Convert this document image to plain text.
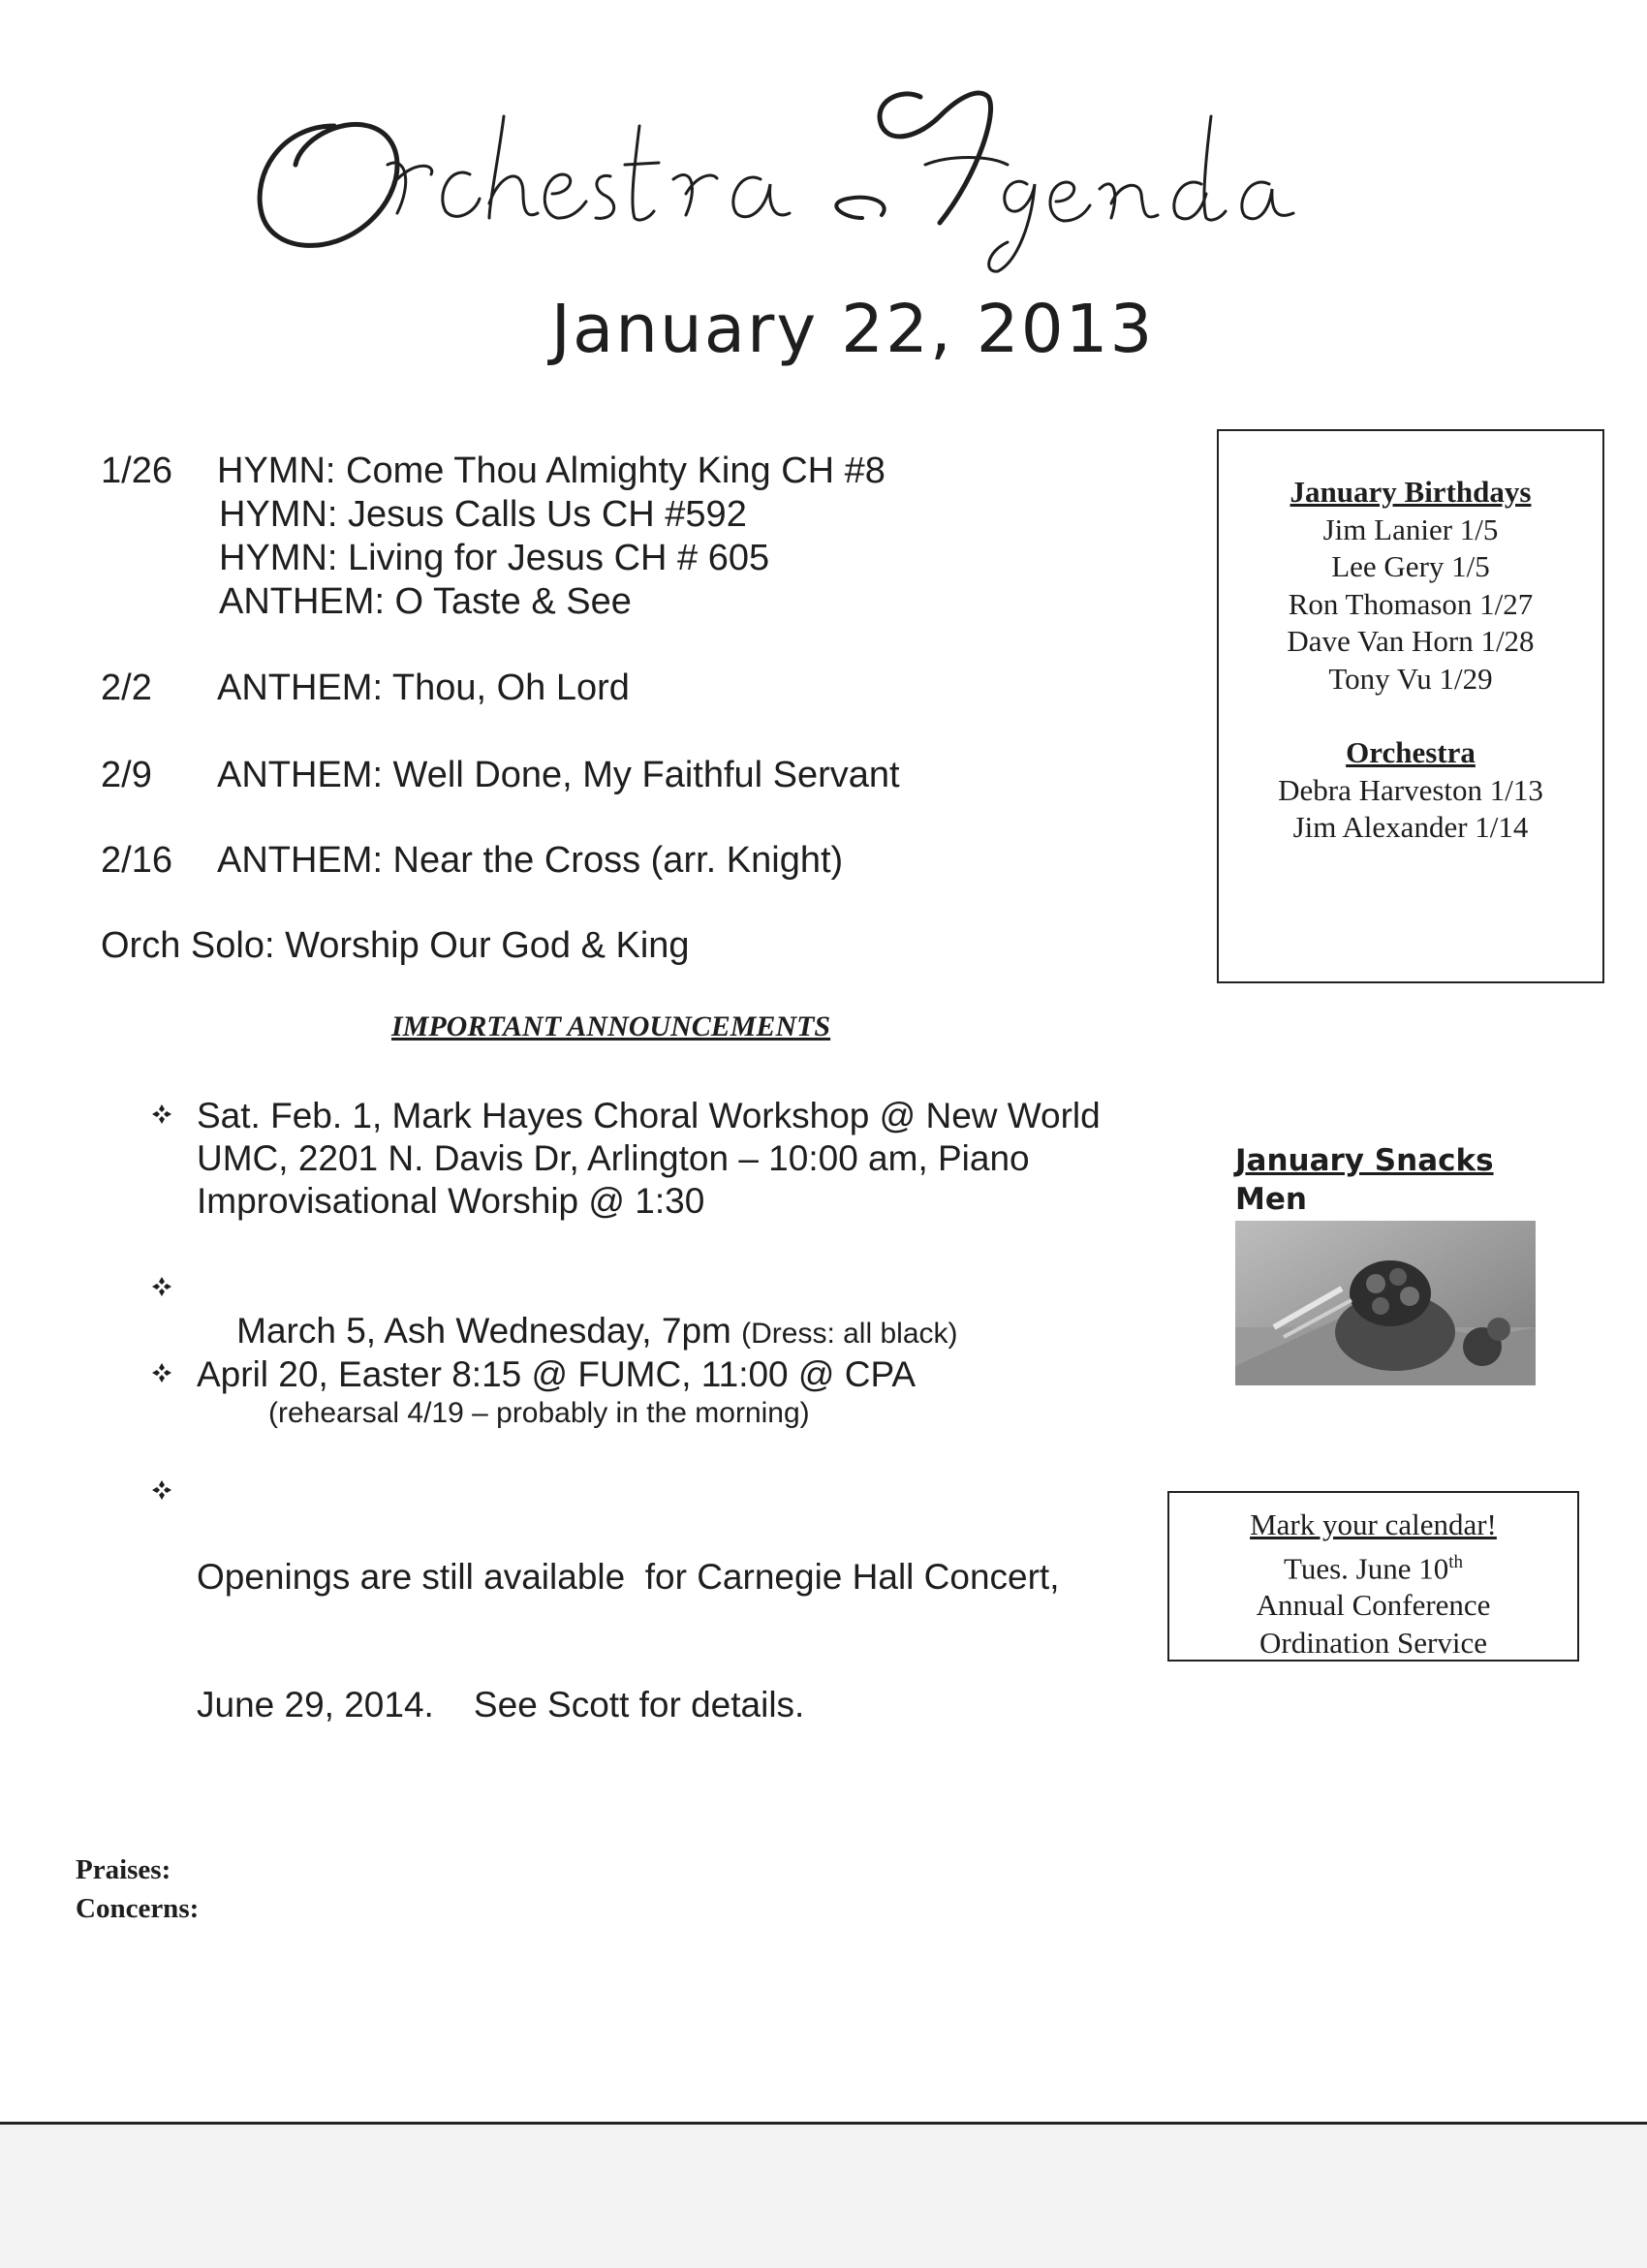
January 22, 2013
1/26 HYMN: Come Thou Almighty King CH #8
HYMN: Jesus Calls Us CH #592
HYMN: Living for Jesus CH # 605
ANTHEM: O Taste & See
2/2 ANTHEM: Thou, Oh Lord
2/9 ANTHEM: Well Done, My Faithful Servant
2/16 ANTHEM: Near the Cross (arr. Knight)
Orch Solo: Worship Our God & King
IMPORTANT ANNOUNCEMENTS
Sat. Feb. 1, Mark Hayes Choral Workshop @ New World
UMC, 2201 N. Davis Dr, Arlington – 10:00 am, Piano
Improvisational Worship @ 1:30

March 5, Ash Wednesday, 7pm (Dress: all black)

April 20, Easter 8:15 @ FUMC, 11:00 @ CPA
(rehearsal 4/19 – probably in the morning)

Openings are still available  for Carnegie Hall Concert,

June 29, 2014.    See Scott for details.

January Birthdays
Jim Lanier 1/5
Lee Gery 1/5
Ron Thomason 1/27
Dave Van Horn 1/28
Tony Vu 1/29
Orchestra
Debra Harveston 1/13
Jim Alexander 1/14
January Snacks
Men
Mark your calendar!
Tues. June 10th
Annual Conference
Ordination Service
Praises:
Concerns:
